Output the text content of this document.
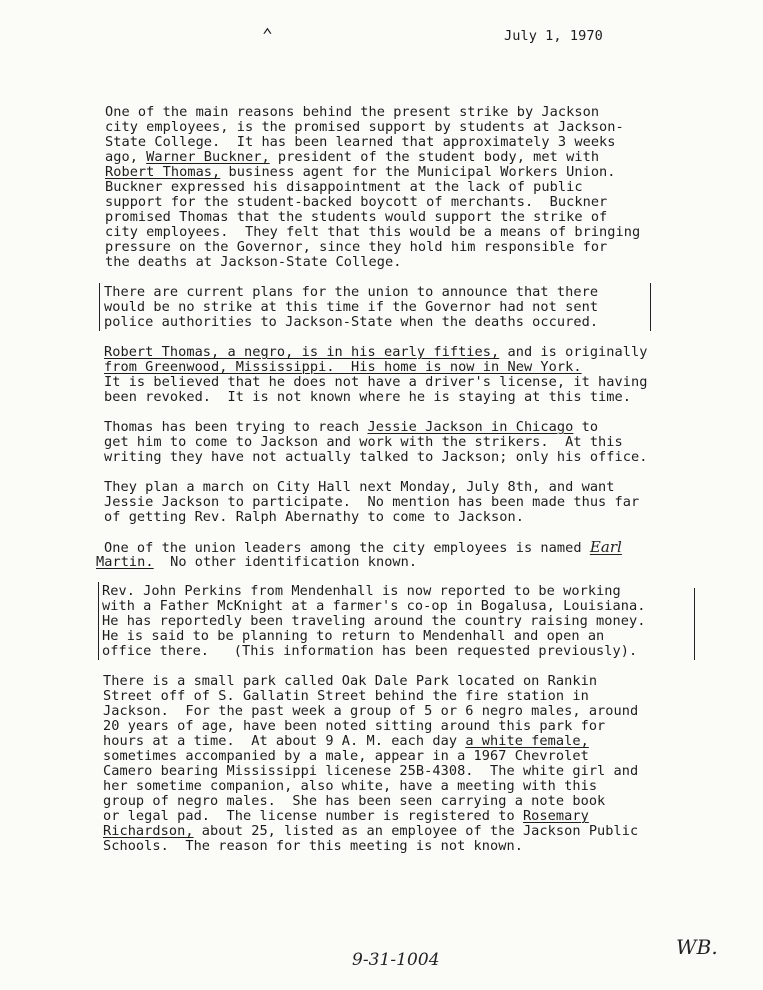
⌃	July 1, 1970
One of the main reasons behind the present strike by Jackson
city employees, is the promised support by students at Jackson-
State College.  It has been learned that approximately 3 weeks
ago, Warner Buckner, president of the student body, met with
Robert Thomas, business agent for the Municipal Workers Union.
Buckner expressed his disappointment at the lack of public
support for the student-backed boycott of merchants.  Buckner
promised Thomas that the students would support the strike of
city employees.  They felt that this would be a means of bringing
pressure on the Governor, since they hold him responsible for
the deaths at Jackson-State College.
There are current plans for the union to announce that there
would be no strike at this time if the Governor had not sent
police authorities to Jackson-State when the deaths occured.
Robert Thomas, a negro, is in his early fifties, and is originally
from Greenwood, Mississippi.  His home is now in New York.
It is believed that he does not have a driver's license, it having
been revoked.  It is not known where he is staying at this time.
Thomas has been trying to reach Jessie Jackson in Chicago to
get him to come to Jackson and work with the strikers.  At this
writing they have not actually talked to Jackson; only his office.
They plan a march on City Hall next Monday, July 8th, and want
Jessie Jackson to participate.  No mention has been made thus far
of getting Rev. Ralph Abernathy to come to Jackson.
One of the union leaders among the city employees is named Earl
Martin.  No other identification known.
Rev. John Perkins from Mendenhall is now reported to be working
with a Father McKnight at a farmer's co-op in Bogalusa, Louisiana.
He has reportedly been traveling around the country raising money.
He is said to be planning to return to Mendenhall and open an
office there.   (This information has been requested previously).
There is a small park called Oak Dale Park located on Rankin
Street off of S. Gallatin Street behind the fire station in
Jackson.  For the past week a group of 5 or 6 negro males, around
20 years of age, have been noted sitting around this park for
hours at a time.  At about 9 A. M. each day a white female,
sometimes accompanied by a male, appear in a 1967 Chevrolet
Camero bearing Mississippi licenese 25B-4308.  The white girl and
her sometime companion, also white, have a meeting with this
group of negro males.  She has been seen carrying a note book
or legal pad.  The license number is registered to Rosemary
Richardson, about 25, listed as an employee of the Jackson Public
Schools.  The reason for this meeting is not known.
9-31-1004
WB.
